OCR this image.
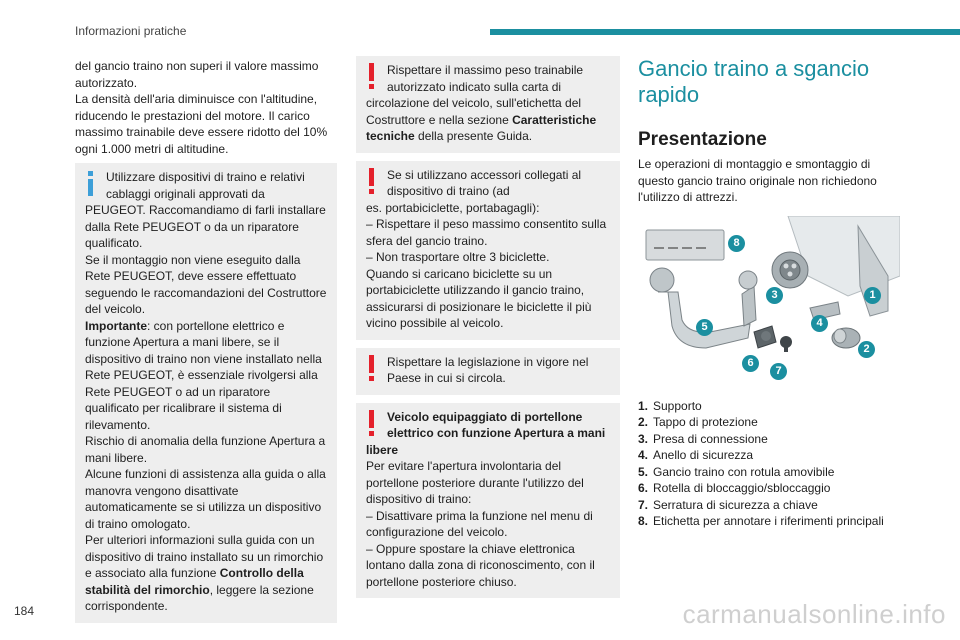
Informazioni pratiche
del gancio traino non superi il valore massimo autorizzato.
La densità dell'aria diminuisce con l'altitudine, riducendo le prestazioni del motore. Il carico massimo trainabile deve essere ridotto del 10% ogni 1.000 metri di altitudine.
Utilizzare dispositivi di traino e relativi
cablaggi originali approvati da
PEUGEOT. Raccomandiamo di farli installare dalla Rete PEUGEOT o da un riparatore qualificato.
Se il montaggio non viene eseguito dalla Rete PEUGEOT, deve essere effettuato seguendo le raccomandazioni del Costruttore del veicolo.
Importante: con portellone elettrico e funzione Apertura a mani libere, se il dispositivo di traino non viene installato nella Rete PEUGEOT, è essenziale rivolgersi alla Rete PEUGEOT o ad un riparatore qualificato per ricalibrare il sistema di rilevamento.
Rischio di anomalia della funzione Apertura a mani libere.
Alcune funzioni di assistenza alla guida o alla manovra vengono disattivate automaticamente se si utilizza un dispositivo di traino omologato.
Per ulteriori informazioni sulla guida con un dispositivo di traino installato su un rimorchio e associato alla funzione Controllo della stabilità del rimorchio, leggere la sezione corrispondente.
Rispettare il massimo peso trainabile
autorizzato indicato sulla carta di
circolazione del veicolo, sull'etichetta del Costruttore e nella sezione Caratteristiche tecniche della presente Guida.
Se si utilizzano accessori collegati al
dispositivo di traino (ad
es. portabiciclette, portabagagli):
– Rispettare il peso massimo consentito sulla sfera del gancio traino.
– Non trasportare oltre 3 biciclette.
Quando si caricano biciclette su un portabiciclette utilizzando il gancio traino, assicurarsi di posizionare le biciclette il più vicino possibile al veicolo.
Rispettare la legislazione in vigore nel
Paese in cui si circola.
Veicolo equipaggiato di portellone
elettrico con funzione Apertura a mani
libere
Per evitare l'apertura involontaria del portellone posteriore durante l'utilizzo del dispositivo di traino:
– Disattivare prima la funzione nel menu di configurazione del veicolo.
– Oppure spostare la chiave elettronica lontano dalla zona di riconoscimento, con il portellone posteriore chiuso.
Gancio traino a sgancio rapido
Presentazione
Le operazioni di montaggio e smontaggio di questo gancio traino originale non richiedono l'utilizzo di attrezzi.
8
1
3
4
2
5
6
7
1. Supporto
2. Tappo di protezione
3. Presa di connessione
4. Anello di sicurezza
5. Gancio traino con rotula amovibile
6. Rotella di bloccaggio/sbloccaggio
7. Serratura di sicurezza a chiave
8. Etichetta per annotare i riferimenti principali
184	carmanualsonline.info
